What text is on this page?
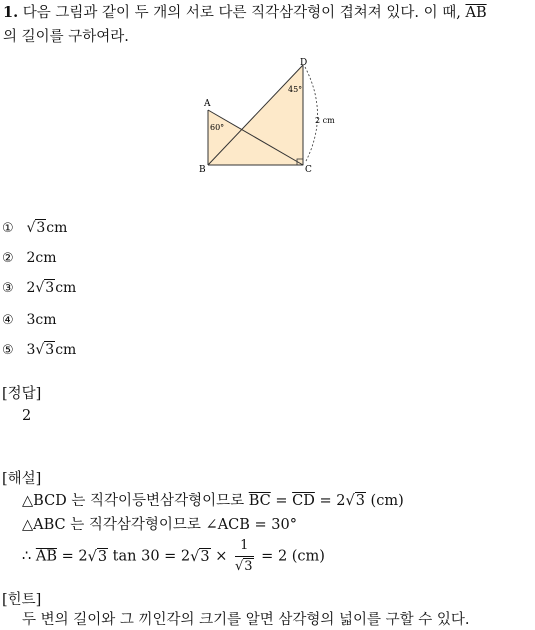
1. 다음 그림과 같이 두 개의 서로 다른 직각삼각형이 겹쳐져 있다. 이 때, $\overline{AB}$
의 길이를 구하여라.
A
B	C
D
60°
45°
2 cm
① √3cm
② 2cm
③ 2√3cm
④ 3cm
⑤ 3√3cm
[정답]
2
[해설]
△BCD 는 직각이등변삼각형이므로 $\overline{BC} = \overline{CD} = 2√3$ (cm)
△ABC 는 직각삼각형이므로 ∠ACB = 30°
∴ $\overline{AB} = 2√3$ $\tan 30 = 2√3 \times \frac{1}{√3} = 2$ (cm)
[힌트]
두 변의 길이와 그 끼인각의 크기를 알면 삼각형의 넓이를 구할 수 있다.
